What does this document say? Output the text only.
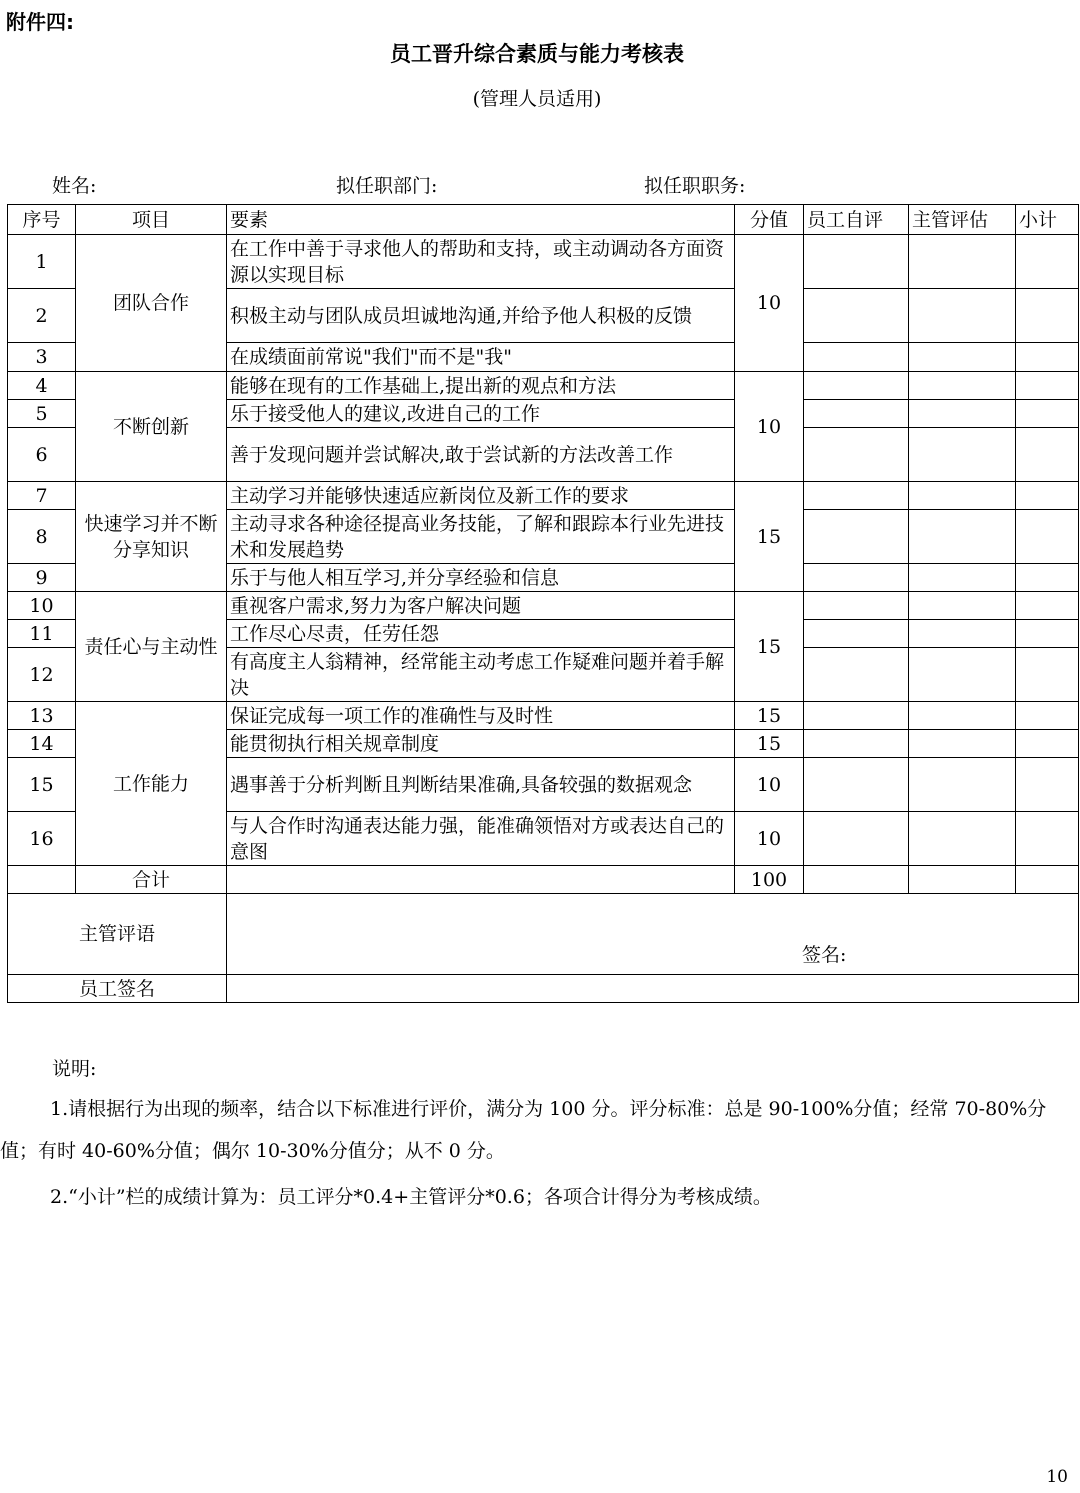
附件四:
员工晋升综合素质与能力考核表
(管理人员适用)
姓名:	拟任职部门:	拟任职职务:
序号	项目	要素	分值	员工自评	主管评估	小计
1	团队合作	在工作中善于寻求他人的帮助和支持，或主动调动各方面资源以实现目标	10			
2		积极主动与团队成员坦诚地沟通,并给予他人积极的反馈				
3		在成绩面前常说"我们"而不是"我"				
4	不断创新	能够在现有的工作基础上,提出新的观点和方法	10			
5		乐于接受他人的建议,改进自己的工作				
6		善于发现问题并尝试解决,敢于尝试新的方法改善工作				
7	快速学习并不断分享知识	主动学习并能够快速适应新岗位及新工作的要求	15			
8		主动寻求各种途径提高业务技能，了解和跟踪本行业先进技术和发展趋势				
9		乐于与他人相互学习,并分享经验和信息				
10	责任心与主动性	重视客户需求,努力为客户解决问题	15			
11		工作尽心尽责，任劳任怨				
12		有高度主人翁精神，经常能主动考虑工作疑难问题并着手解决				
13	工作能力	保证完成每一项工作的准确性与及时性	15			
14		能贯彻执行相关规章制度	15			
15		遇事善于分析判断且判断结果准确,具备较强的数据观念	10			
16		与人合作时沟通表达能力强，能准确领悟对方或表达自己的意图	10			
	合计		100			
主管评语		签名:				

员工签名						
说明:
1.请根据行为出现的频率，结合以下标准进行评价，满分为 100 分。评分标准：总是 90-100%分值；经常 70-80%分值；有时 40-60%分值；偶尔 10-30%分值分；从不 0 分。
2.“小计”栏的成绩计算为：员工评分*0.4+主管评分*0.6；各项合计得分为考核成绩。
10
